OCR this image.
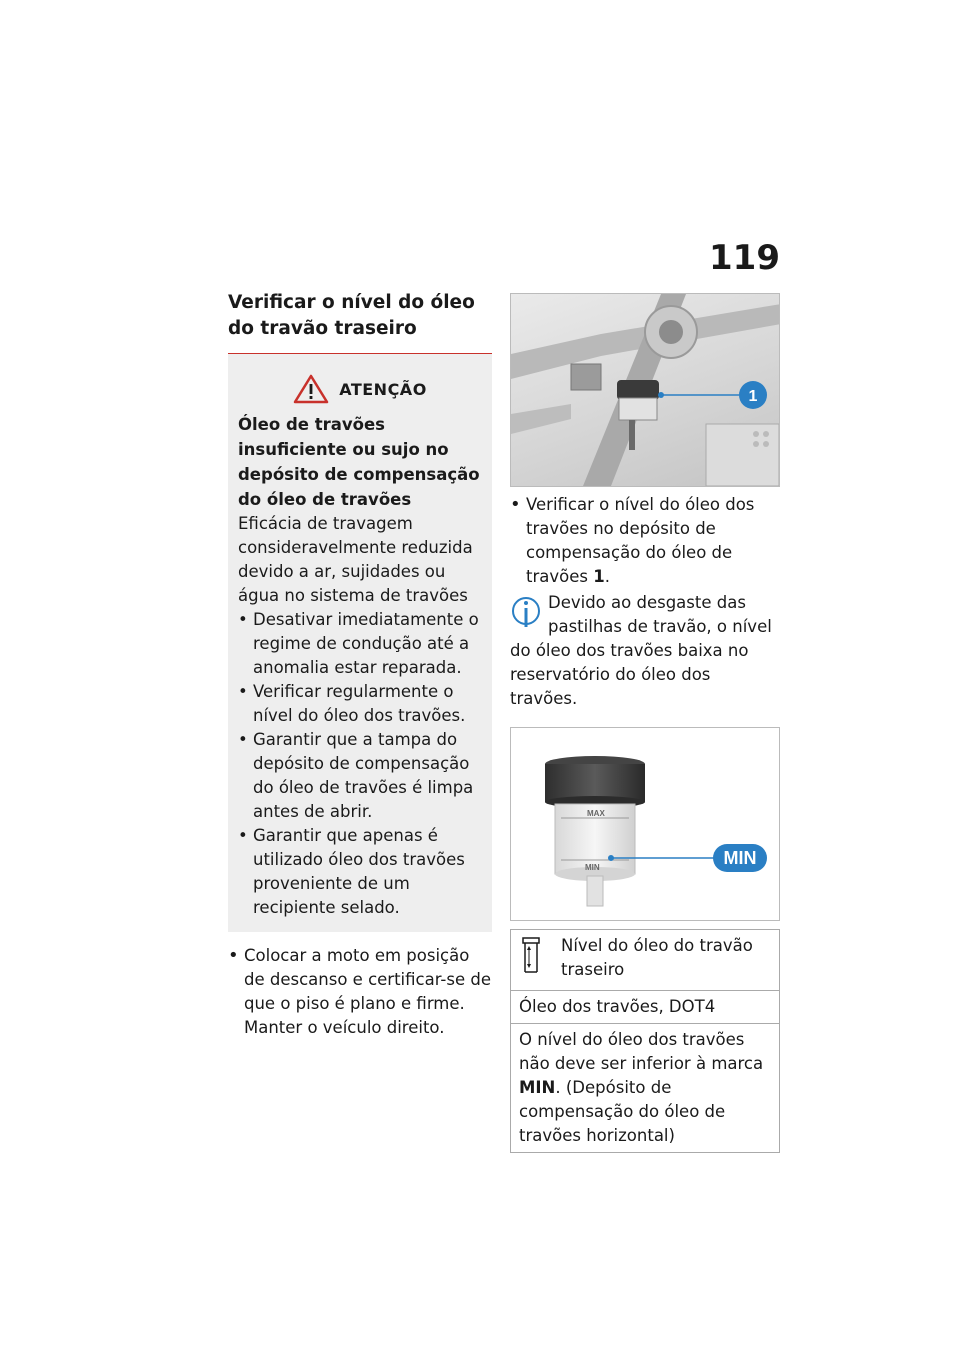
119
Verificar o nível do óleo do travão traseiro
ATENÇÃO
Óleo de travões insuficiente ou sujo no depósito de compensação do óleo de travões
Eficácia de travagem consideravelmente reduzida devido a ar, sujidades ou água no sistema de travões
• Desativar imediatamente o regime de condução até a anomalia estar reparada.
• Verificar regularmente o nível do óleo dos travões.
• Garantir que a tampa do depósito de compensação do óleo de travões é limpa antes de abrir.
• Garantir que apenas é utilizado óleo dos travões proveniente de um recipiente selado.
• Colocar a moto em posição de descanso e certificar-se de que o piso é plano e firme. Manter o veículo direito.
1
• Verificar o nível do óleo dos travões no depósito de compensação do óleo de travões 1.
Devido ao desgaste das pastilhas de travão, o nível do óleo dos travões baixa no reservatório do óleo dos travões.
MAX
MIN	MIN
Nível do óleo do travão traseiro
Óleo dos travões, DOT4
O nível do óleo dos travões não deve ser inferior à marca MIN. (Depósito de compensação do óleo de travões horizontal)
